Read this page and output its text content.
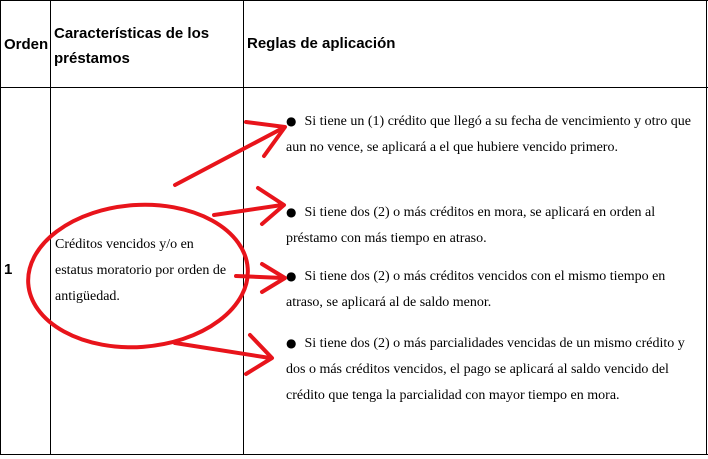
Orden
Características de los préstamos
Reglas de aplicación
1
Créditos vencidos y/o en estatus moratorio por orden de antigüedad.
● Si tiene un (1) crédito que llegó a su fecha de vencimiento y otro que aun no vence, se aplicará a el que hubiere vencido primero.
● Si tiene dos (2) o más créditos en mora, se aplicará en orden al préstamo con más tiempo en atraso.
● Si tiene dos (2) o más créditos vencidos con el mismo tiempo en atraso, se aplicará al de saldo menor.
● Si tiene dos (2) o más parcialidades vencidas de un mismo crédito y dos o más créditos vencidos, el pago se aplicará al saldo vencido del crédito que tenga la parcialidad con mayor tiempo en mora.
